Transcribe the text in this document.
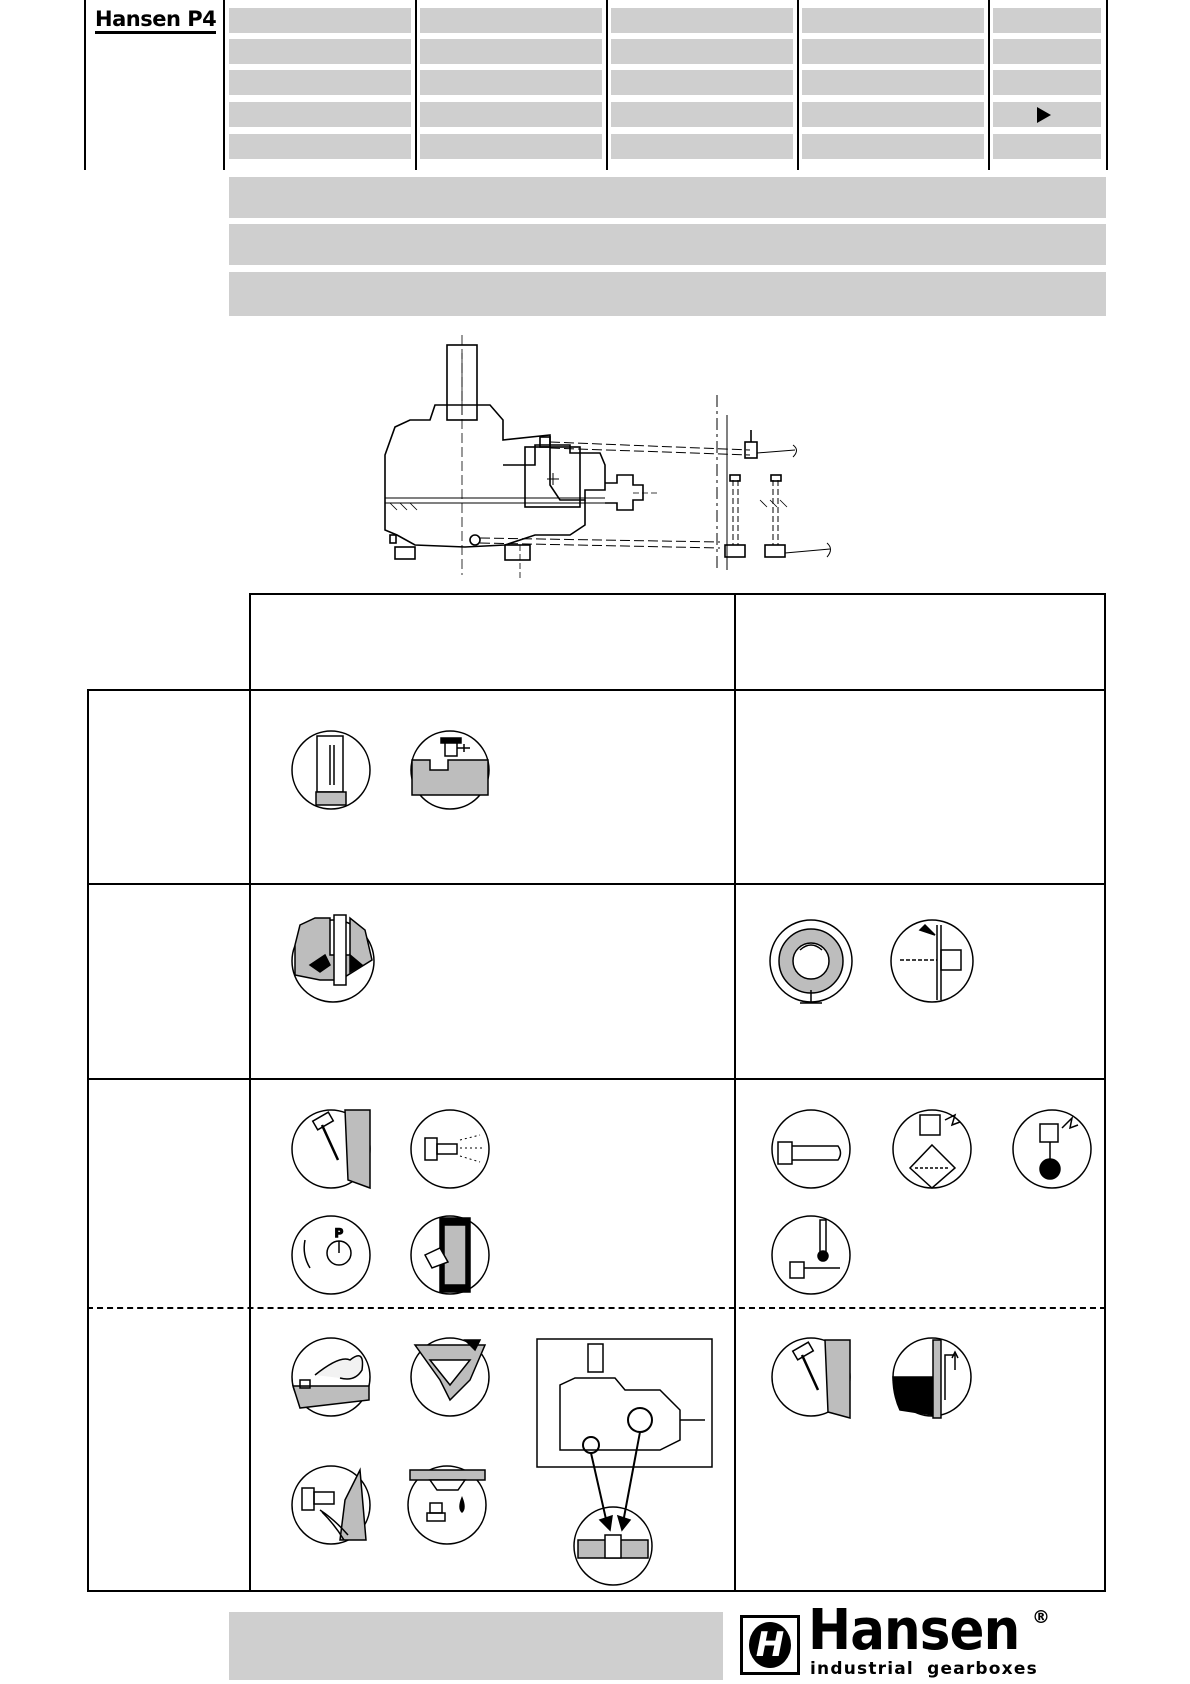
Hansen P4
P
H Hansen ®
industrial gearboxes
